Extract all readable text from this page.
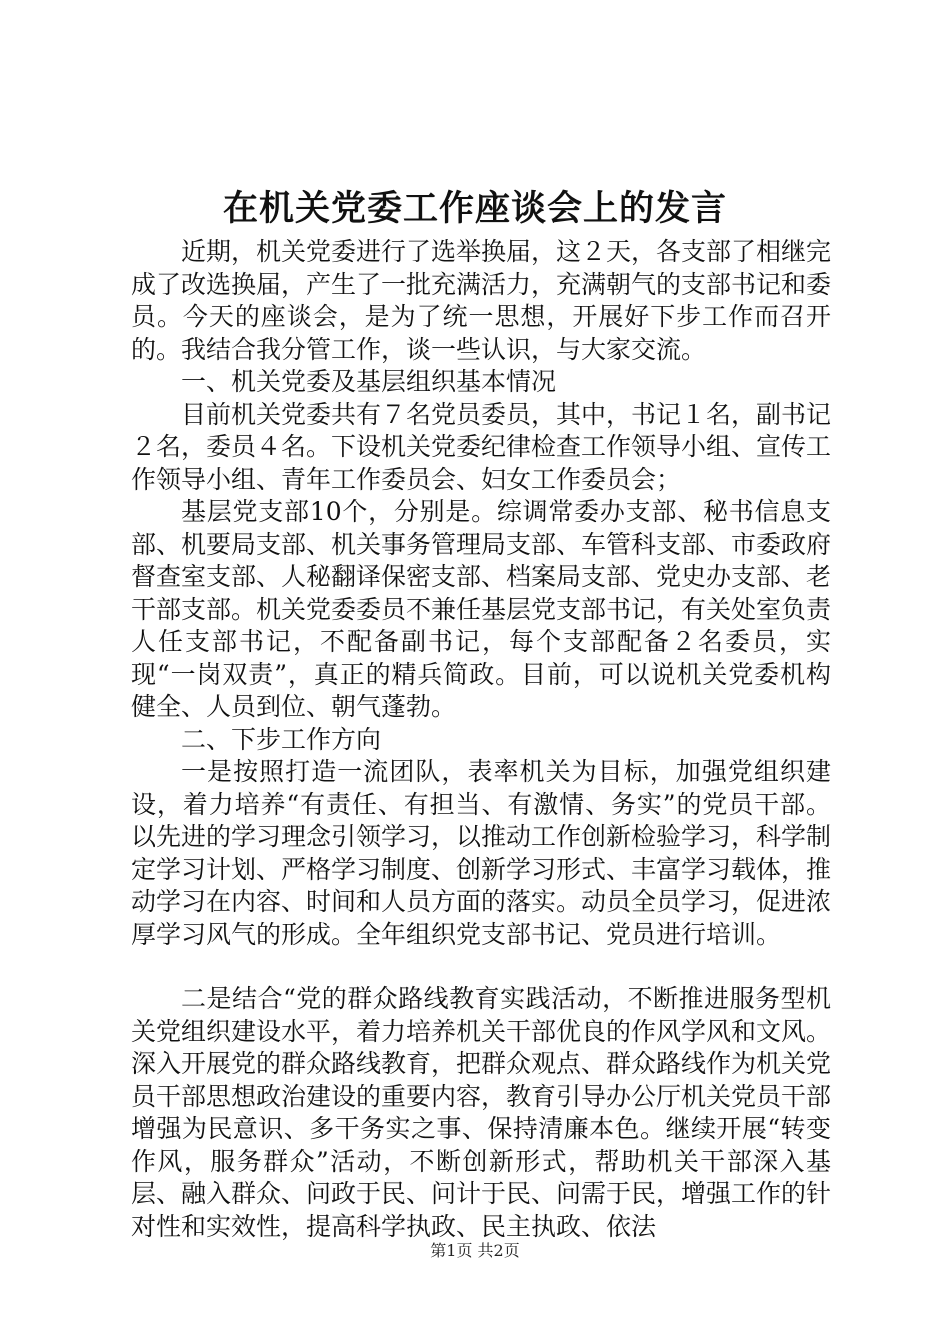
在机关党委工作座谈会上的发言

近期，机关党委进行了选举换届，这２天，各支部了相继完成了改选换届，产生了一批充满活力，充满朝气的支部书记和委员。今天的座谈会，是为了统一思想，开展好下步工作而召开的。我结合我分管工作，谈一些认识，与大家交流。

一、机关党委及基层组织基本情况

目前机关党委共有７名党员委员，其中，书记１名，副书记２名，委员４名。下设机关党委纪律检查工作领导小组、宣传工作领导小组、青年工作委员会、妇女工作委员会；

基层党支部10个，分别是。综调常委办支部、秘书信息支部、机要局支部、机关事务管理局支部、车管科支部、市委政府督查室支部、人秘翻译保密支部、档案局支部、党史办支部、老干部支部。机关党委委员不兼任基层党支部书记，有关处室负责人任支部书记，不配备副书记，每个支部配备２名委员，实现“一岗双责”，真正的精兵简政。目前，可以说机关党委机构健全、人员到位、朝气蓬勃。

二、下步工作方向

一是按照打造一流团队，表率机关为目标，加强党组织建设，着力培养“有责任、有担当、有激情、务实”的党员干部。以先进的学习理念引领学习，以推动工作创新检验学习，科学制定学习计划、严格学习制度、创新学习形式、丰富学习载体，推动学习在内容、时间和人员方面的落实。动员全员学习，促进浓厚学习风气的形成。全年组织党支部书记、党员进行培训。

二是结合“党的群众路线教育实践活动，不断推进服务型机关党组织建设水平，着力培养机关干部优良的作风学风和文风。深入开展党的群众路线教育，把群众观点、群众路线作为机关党员干部思想政治建设的重要内容，教育引导办公厅机关党员干部增强为民意识、多干务实之事、保持清廉本色。继续开展“转变作风，服务群众”活动，不断创新形式，帮助机关干部深入基层、融入群众、问政于民、问计于民、问需于民，增强工作的针对性和实效性，提高科学执政、民主执政、依法

第1页 共2页
